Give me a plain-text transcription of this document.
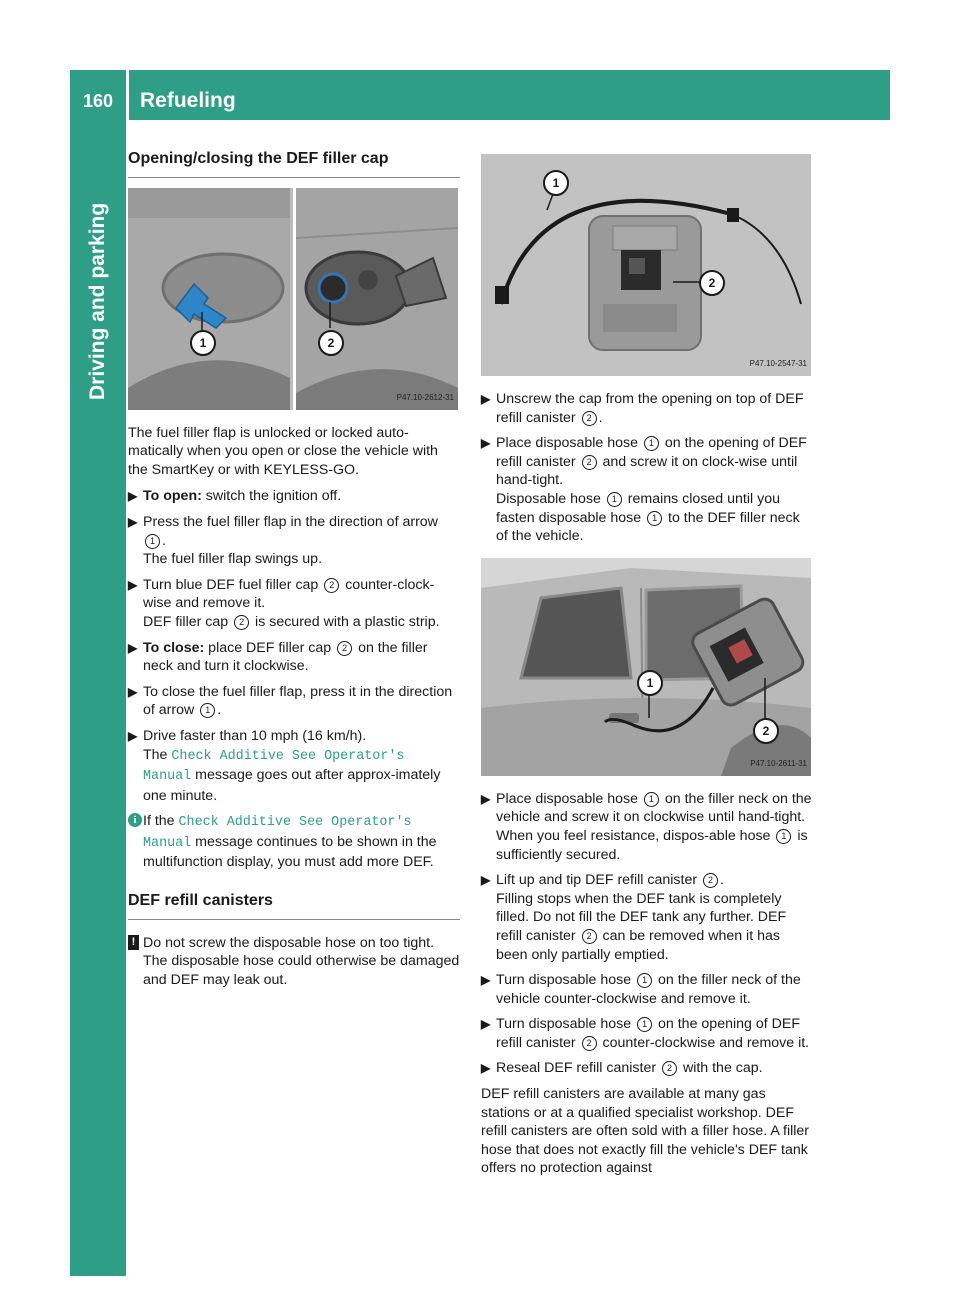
160	Refueling
Driving and parking
Opening/closing the DEF filler cap
1	2
P47.10-2612-31

The fuel filler flap is unlocked or locked auto-matically when you open or close the vehicle with the SmartKey or with KEYLESS-GO.

▶ To open: switch the ignition off.
▶ Press the fuel filler flap in the direction of arrow 1 .
The fuel filler flap swings up.
▶ Turn blue DEF fuel filler cap 2 counter-clock-wise and remove it.
DEF filler cap 2 is secured with a plastic strip.
▶ To close: place DEF filler cap 2 on the filler neck and turn it clockwise.
▶ To close the fuel filler flap, press it in the direction of arrow 1 .
▶ Drive faster than 10 mph (16 km/h).
The Check Additive See Operator's Manual message goes out after approx-imately one minute.
i If the Check Additive See Operator's Manual message continues to be shown in the multifunction display, you must add more DEF.
DEF refill canisters
! Do not screw the disposable hose on too tight. The disposable hose could otherwise be damaged and DEF may leak out.
1
2
P47.10-2547-31
▶ Unscrew the cap from the opening on top of DEF refill canister 2 .
▶ Place disposable hose 1 on the opening of DEF refill canister 2 and screw it on clock-wise until hand-tight.
Disposable hose 1 remains closed until you fasten disposable hose 1 to the DEF filler neck of the vehicle.
1
2
P47.10-2611-31
▶ Place disposable hose 1 on the filler neck on the vehicle and screw it on clockwise until hand-tight. When you feel resistance, dispos-able hose 1 is sufficiently secured.
▶ Lift up and tip DEF refill canister 2 .
Filling stops when the DEF tank is completely filled. Do not fill the DEF tank any further. DEF refill canister 2 can be removed when it has been only partially emptied.
▶ Turn disposable hose 1 on the filler neck of the vehicle counter-clockwise and remove it.
▶ Turn disposable hose 1 on the opening of DEF refill canister 2 counter-clockwise and remove it.
▶ Reseal DEF refill canister 2 with the cap.

DEF refill canisters are available at many gas stations or at a qualified specialist workshop. DEF refill canisters are often sold with a filler hose. A filler hose that does not exactly fill the vehicle's DEF tank offers no protection against
